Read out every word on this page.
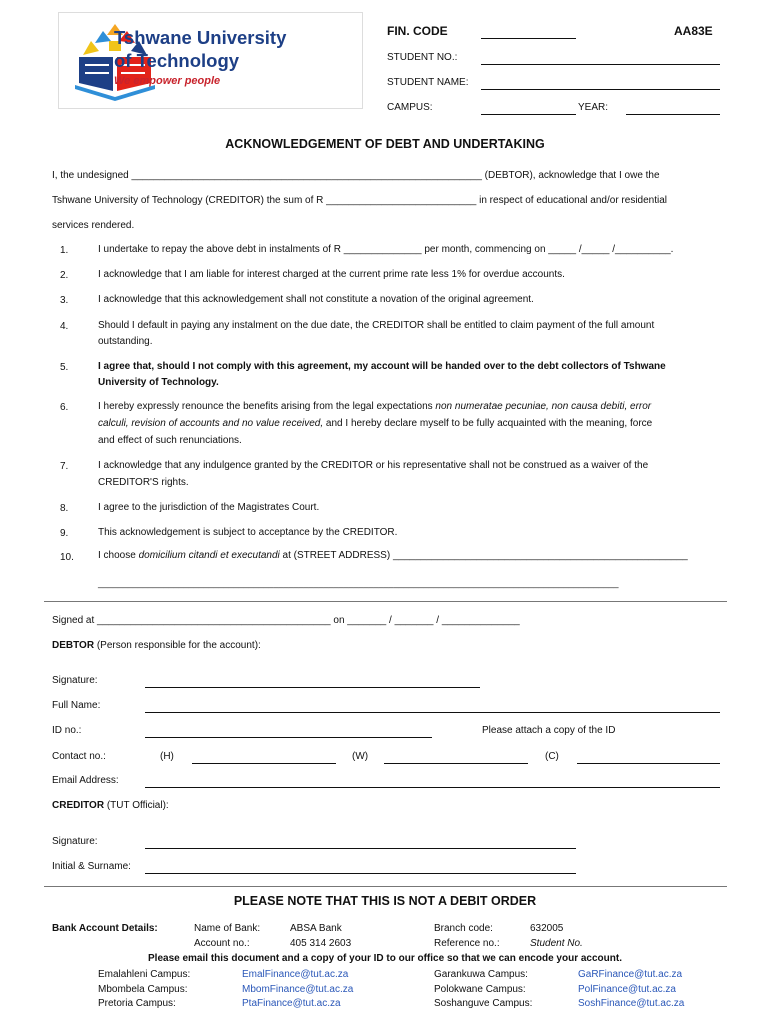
Tshwane University
of Technology
We empower people
FIN. CODE	AA83E
STUDENT NO.:
STUDENT NAME:
CAMPUS:	YEAR:
ACKNOWLEDGEMENT OF DEBT AND UNDERTAKING
I, the undesigned _______________________________________________________________ (DEBTOR), acknowledge that I owe the
Tshwane University of Technology (CREDITOR) the sum of R ___________________________ in respect of educational and/or residential
services rendered.
1.	I undertake to repay the above debt in instalments of R ______________ per month, commencing on _____ /_____ /__________.
2.	I acknowledge that I am liable for interest charged at the current prime rate less 1% for overdue accounts.
3.	I acknowledge that this acknowledgement shall not constitute a novation of the original agreement.
4.	Should I default in paying any instalment on the due date, the CREDITOR shall be entitled to claim payment of the full amount
outstanding.
5.	I agree that, should I not comply with this agreement, my account will be handed over to the debt collectors of Tshwane
University of Technology.
6.	I hereby expressly renounce the benefits arising from the legal expectations non numeratae pecuniae, non causa debiti, error
calculi, revision of accounts and no value received, and I hereby declare myself to be fully acquainted with the meaning, force
and effect of such renunciations.
7.	I acknowledge that any indulgence granted by the CREDITOR or his representative shall not be construed as a waiver of the
CREDITOR'S rights.
8.	I agree to the jurisdiction of the Magistrates Court.
9.	This acknowledgement is subject to acceptance by the CREDITOR.
10.	I choose domicilium citandi et executandi at (STREET ADDRESS) _____________________________________________________
________________________________________________________________________________________________________
Signed at __________________________________________ on _______ / _______ / ______________
DEBTOR (Person responsible for the account):
Signature:
Full Name:
ID no.:	Please attach a copy of the ID
Contact no.:	(H)	(W)	(C)
Email Address:
CREDITOR (TUT Official):
Signature:
Initial & Surname:
PLEASE NOTE THAT THIS IS NOT A DEBIT ORDER
Bank Account Details:	Name of Bank:	ABSA Bank	Branch code:	632005
Account no.:	405 314 2603	Reference no.:	Student No.
Please email this document and a copy of your ID to our office so that we can encode your account.
Emalahleni Campus:	EmalFinance@tut.ac.za
Mbombela Campus:	MbomFinance@tut.ac.za
Pretoria Campus:	PtaFinance@tut.ac.za
Garankuwa Campus:	GaRFinance@tut.ac.za
Polokwane Campus:	PolFinance@tut.ac.za
Soshanguve Campus:	SoshFinance@tut.ac.za
